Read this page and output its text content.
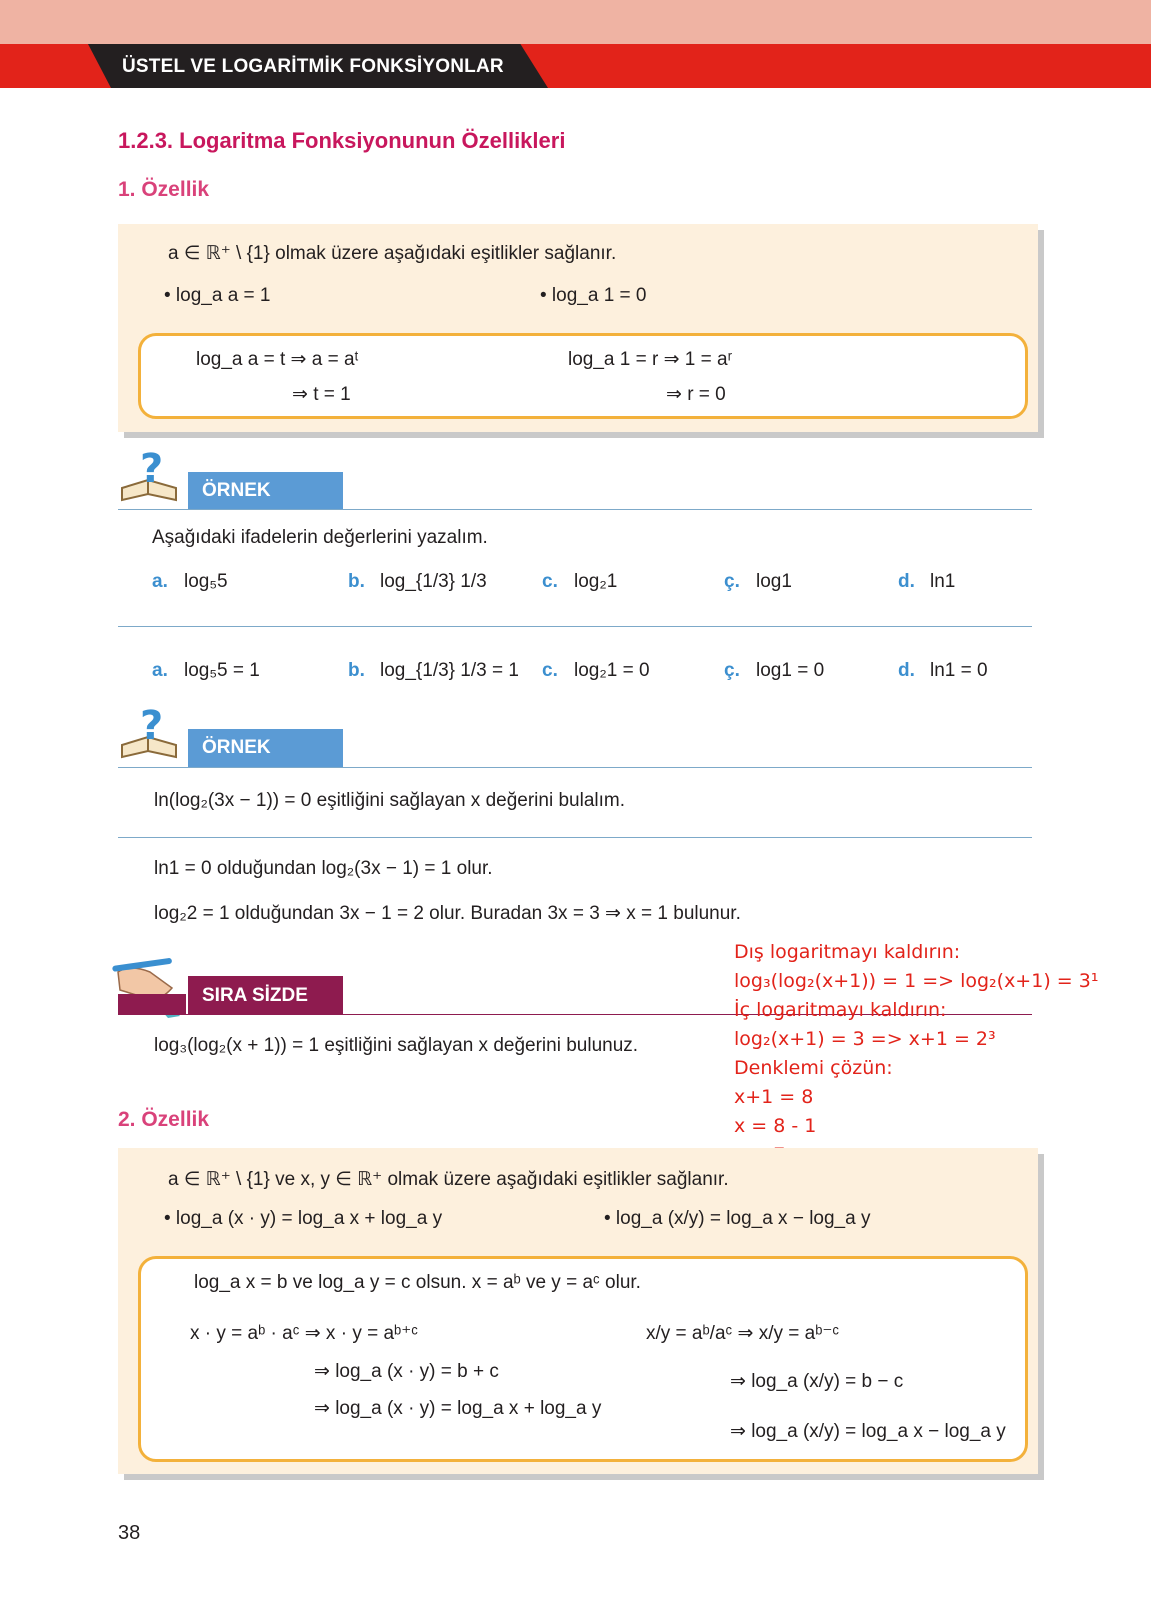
ÜSTEL VE LOGARİTMİK FONKSİYONLAR
1.2.3. Logaritma Fonksiyonunun Özellikleri
1. Özellik
a ∈ ℝ⁺ \ {1} olmak üzere aşağıdaki eşitlikler sağlanır.
• log_a a = 1	• log_a 1 = 0
log_a a = t ⇒ a = aᵗ
⇒ t = 1
log_a 1 = r ⇒ 1 = aʳ
⇒ r = 0
? ÖRNEK
Aşağıdaki ifadelerin değerlerini yazalım.
a. log₅5	b. log_{1/3} 1/3	c. log₂1	ç. log1	d. ln1
a. log₅5 = 1	b. log_{1/3} 1/3 = 1 c. log₂1 = 0	ç. log1 = 0	d. ln1 = 0
? ÖRNEK
ln(log₂(3x − 1)) = 0 eşitliğini sağlayan x değerini bulalım.
ln1 = 0 olduğundan log₂(3x − 1) = 1 olur.
log₂2 = 1 olduğundan 3x − 1 = 2 olur. Buradan 3x = 3 ⇒ x = 1 bulunur.
SIRA SİZDE
log₃(log₂(x + 1)) = 1 eşitliğini sağlayan x değerini bulunuz.
Dış logaritmayı kaldırın:
log₃(log₂(x+1)) = 1 => log₂(x+1) = 3¹
İç logaritmayı kaldırın:
log₂(x+1) = 3 => x+1 = 2³
Denklemi çözün:
x+1 = 8
x = 8 - 1
2. Özellik
a ∈ ℝ⁺ \ {1} ve x, y ∈ ℝ⁺ olmak üzere aşağıdaki eşitlikler sağlanır.
• log_a (x · y) = log_a x + log_a y	• log_a (x/y) = log_a x − log_a y
log_a x = b ve log_a y = c olsun. x = aᵇ ve y = aᶜ olur.
x · y = aᵇ · aᶜ ⇒ x · y = aᵇ⁺ᶜ
⇒ log_a (x · y) = b + c
⇒ log_a (x · y) = log_a x + log_a y
x/y = aᵇ/aᶜ ⇒ x/y = aᵇ⁻ᶜ
⇒ log_a (x/y) = b − c
⇒ log_a (x/y) = log_a x − log_a y
38
